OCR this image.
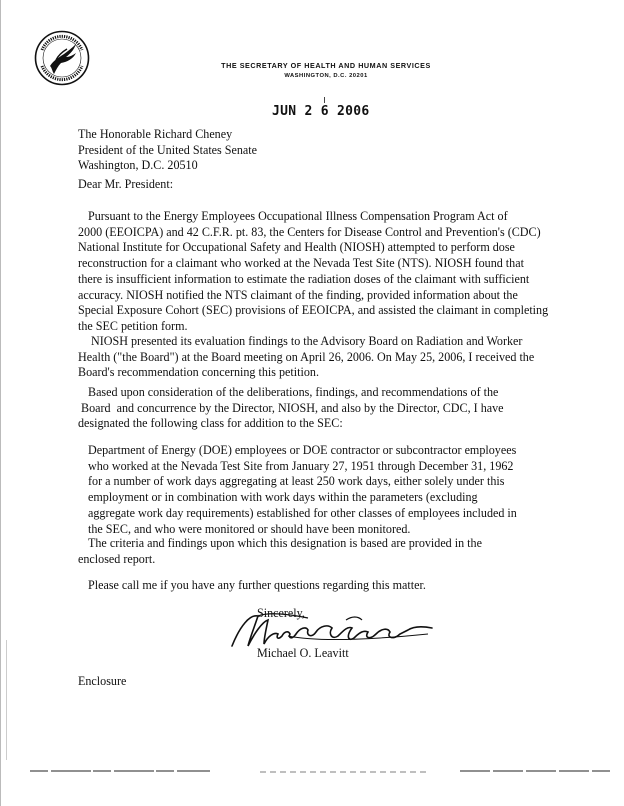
THE SECRETARY OF HEALTH AND HUMAN SERVICES
WASHINGTON, D.C. 20201
JUN 2 6 2006
The Honorable Richard Cheney
President of the United States Senate
Washington, D.C. 20510
Dear Mr. President:
Pursuant to the Energy Employees Occupational Illness Compensation Program Act of
2000 (EEOICPA) and 42 C.F.R. pt. 83, the Centers for Disease Control and Prevention's (CDC)
National Institute for Occupational Safety and Health (NIOSH) attempted to perform dose
reconstruction for a claimant who worked at the Nevada Test Site (NTS). NIOSH found that
there is insufficient information to estimate the radiation doses of the claimant with sufficient
accuracy. NIOSH notified the NTS claimant of the finding, provided information about the
Special Exposure Cohort (SEC) provisions of EEOICPA, and assisted the claimant in completing
the SEC petition form.
NIOSH presented its evaluation findings to the Advisory Board on Radiation and Worker
Health ("the Board") at the Board meeting on April 26, 2006. On May 25, 2006, I received the
Board's recommendation concerning this petition.
Based upon consideration of the deliberations, findings, and recommendations of the
Board  and concurrence by the Director, NIOSH, and also by the Director, CDC, I have
designated the following class for addition to the SEC:
Department of Energy (DOE) employees or DOE contractor or subcontractor employees
who worked at the Nevada Test Site from January 27, 1951 through December 31, 1962
for a number of work days aggregating at least 250 work days, either solely under this
employment or in combination with work days within the parameters (excluding
aggregate work day requirements) established for other classes of employees included in
the SEC, and who were monitored or should have been monitored.
The criteria and findings upon which this designation is based are provided in the
enclosed report.
Please call me if you have any further questions regarding this matter.
Sincerely,
Michael O. Leavitt
Enclosure
